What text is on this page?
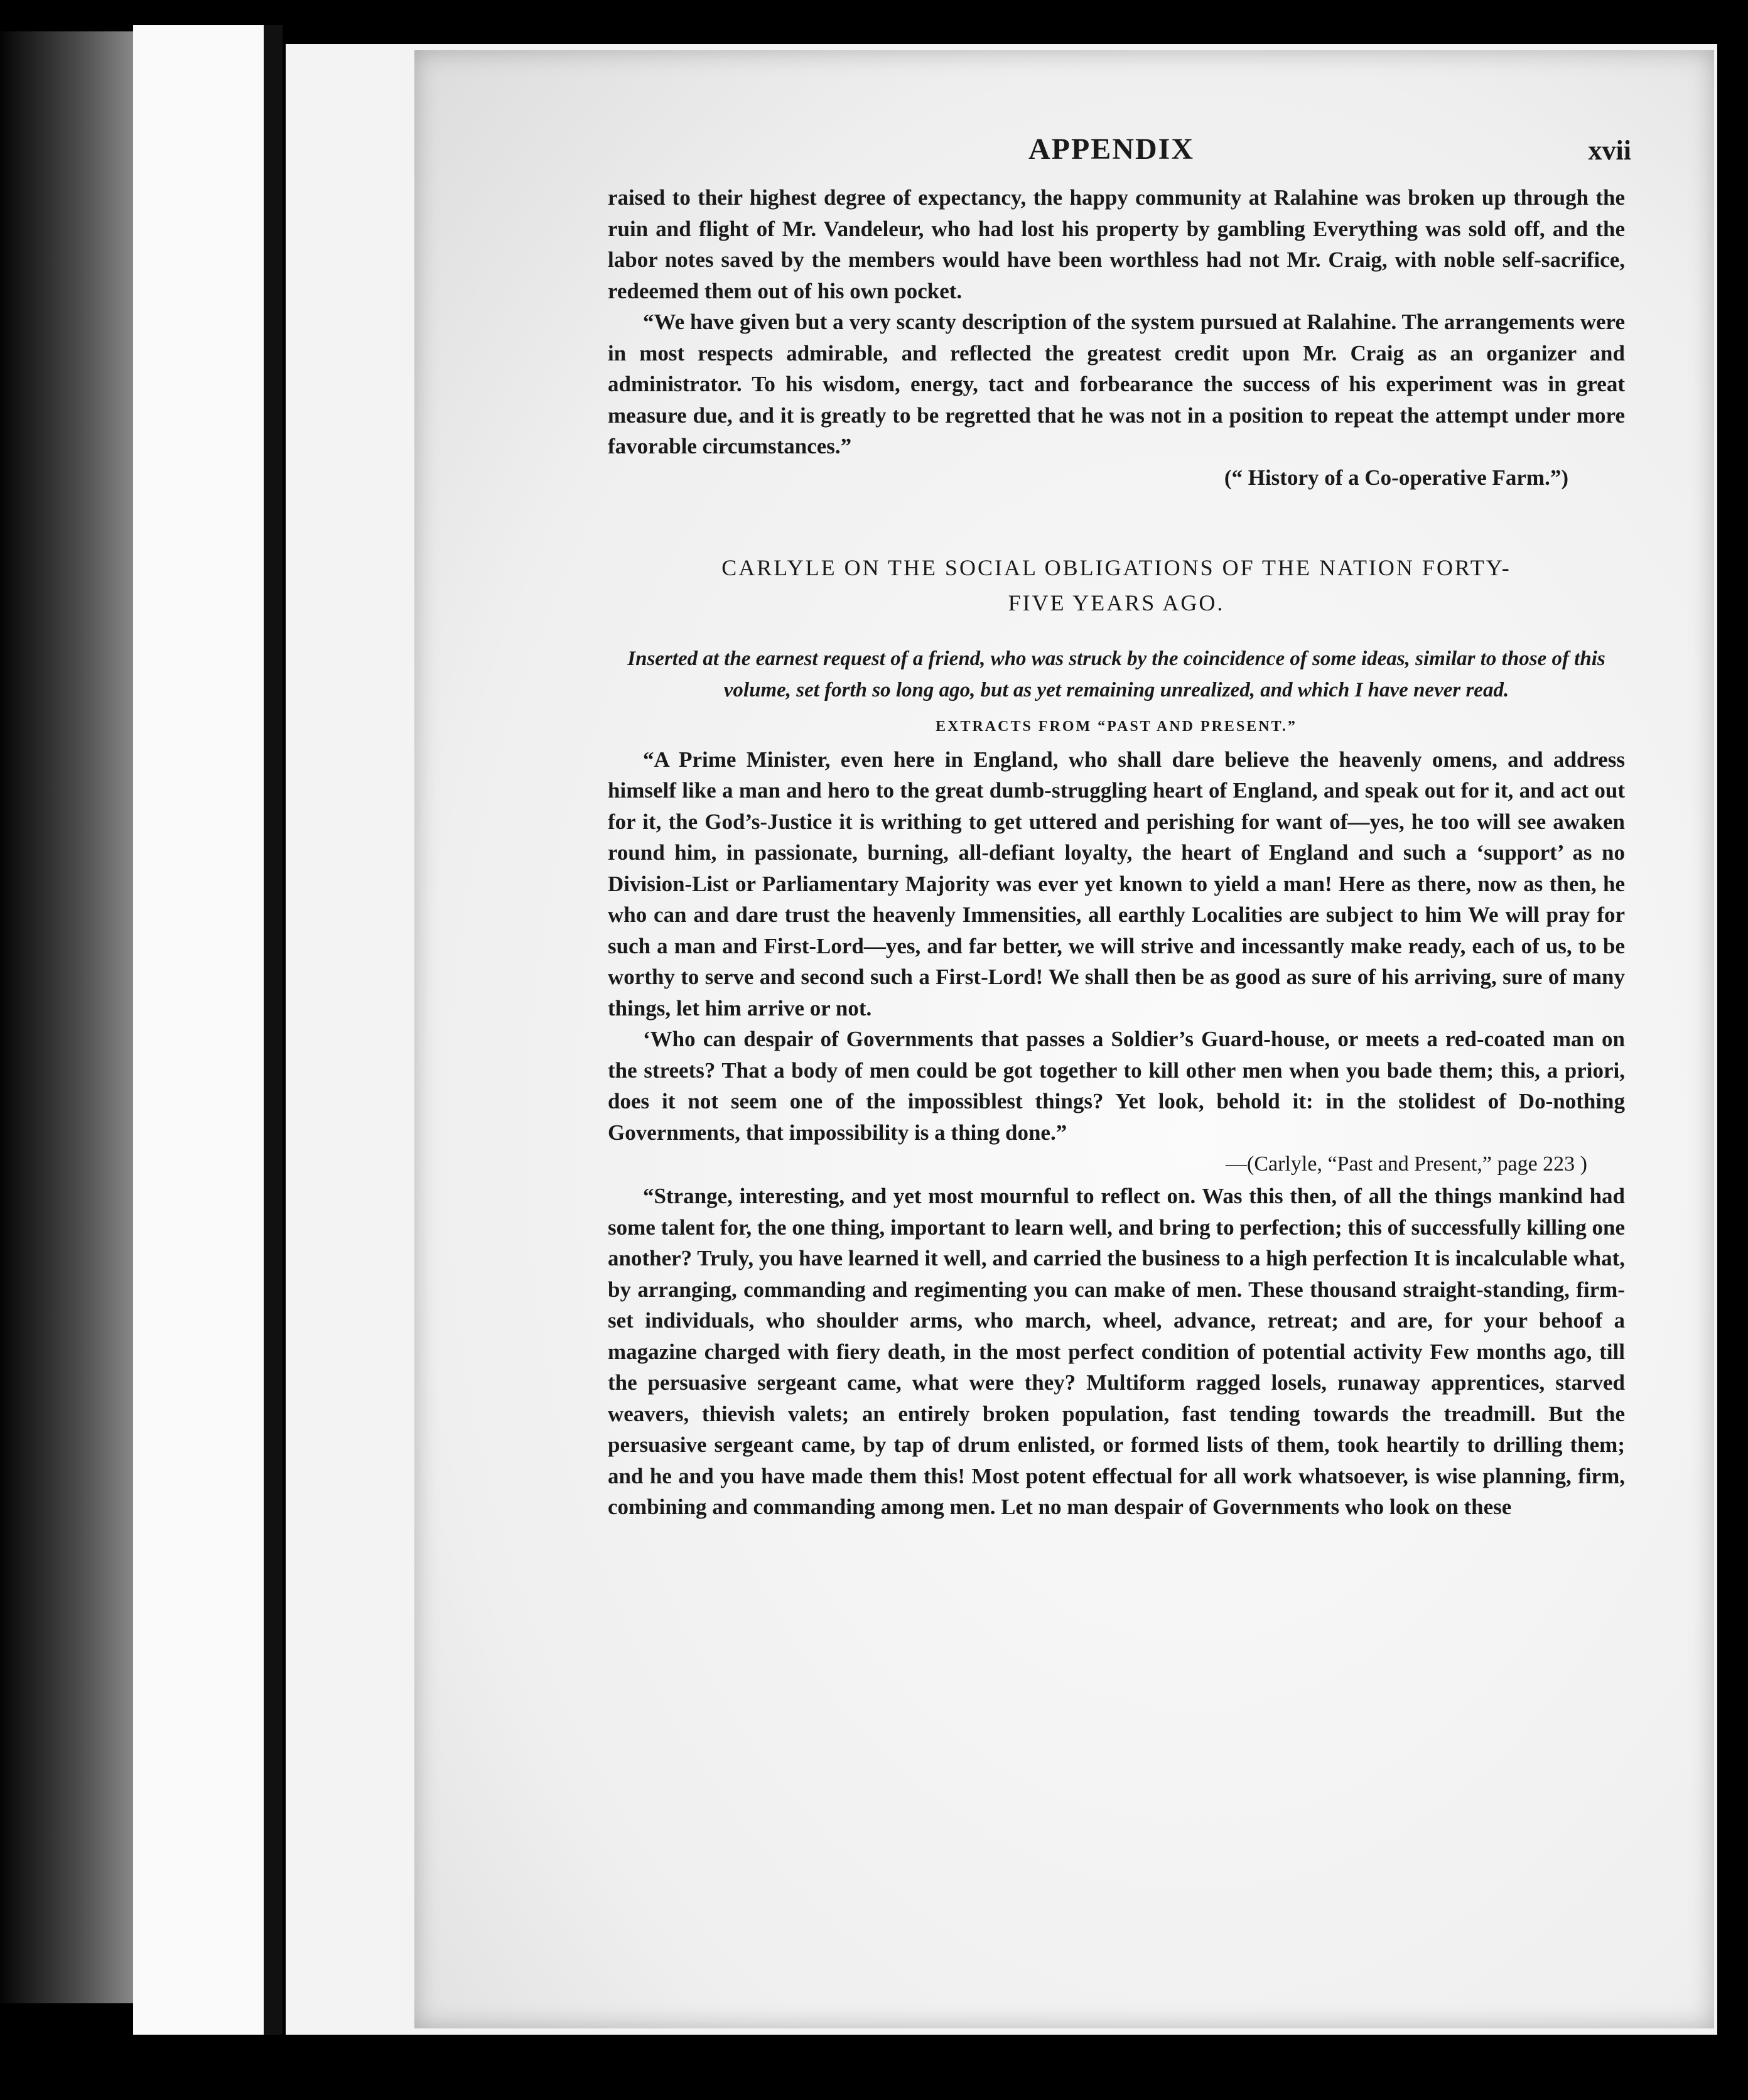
APPENDIX	xvii

raised to their highest degree of expectancy, the happy community at Ralahine was broken up through the ruin and flight of Mr. Vandeleur, who had lost his property by gambling Everything was sold off, and the labor notes saved by the members would have been worthless had not Mr. Craig, with noble self-sacrifice, redeemed them out of his own pocket.

“We have given but a very scanty description of the system pursued at Ralahine. The arrangements were in most respects admirable, and reflected the greatest credit upon Mr. Craig as an organizer and administrator. To his wisdom, energy, tact and forbearance the success of his experiment was in great measure due, and it is greatly to be regretted that he was not in a position to repeat the attempt under more favorable circumstances.”

(“ History of a Co-operative Farm.”)
CARLYLE ON THE SOCIAL OBLIGATIONS OF THE NATION FORTY-
FIVE YEARS AGO.
Inserted at the earnest request of a friend, who was struck by the coincidence of some ideas, similar to those of this volume, set forth so long ago, but as yet remaining unrealized, and which I have never read.
EXTRACTS FROM “PAST AND PRESENT.”

“A Prime Minister, even here in England, who shall dare believe the heavenly omens, and address himself like a man and hero to the great dumb-struggling heart of England, and speak out for it, and act out for it, the God’s-Justice it is writhing to get uttered and perishing for want of—yes, he too will see awaken round him, in passionate, burning, all-defiant loyalty, the heart of England and such a ‘support’ as no Division-List or Parliamentary Majority was ever yet known to yield a man! Here as there, now as then, he who can and dare trust the heavenly Immensities, all earthly Localities are subject to him We will pray for such a man and First-Lord—yes, and far better, we will strive and incessantly make ready, each of us, to be worthy to serve and second such a First-Lord! We shall then be as good as sure of his arriving, sure of many things, let him arrive or not.

‘Who can despair of Governments that passes a Soldier’s Guard-house, or meets a red-coated man on the streets? That a body of men could be got together to kill other men when you bade them; this, a priori, does it not seem one of the impossiblest things? Yet look, behold it: in the stolidest of Do-nothing Governments, that impossibility is a thing done.”

—(Carlyle, “Past and Present,” page 223 )

“Strange, interesting, and yet most mournful to reflect on. Was this then, of all the things mankind had some talent for, the one thing, important to learn well, and bring to perfection; this of successfully killing one another? Truly, you have learned it well, and carried the business to a high perfection It is incalculable what, by arranging, commanding and regimenting you can make of men. These thousand straight-standing, firm-set individuals, who shoulder arms, who march, wheel, advance, retreat; and are, for your behoof a magazine charged with fiery death, in the most perfect condition of potential activity Few months ago, till the persuasive sergeant came, what were they? Multiform ragged losels, runaway apprentices, starved weavers, thievish valets; an entirely broken population, fast tending towards the treadmill. But the persuasive sergeant came, by tap of drum enlisted, or formed lists of them, took heartily to drilling them; and he and you have made them this! Most potent effectual for all work whatsoever, is wise planning, firm, combining and commanding among men. Let no man despair of Governments who look on these
